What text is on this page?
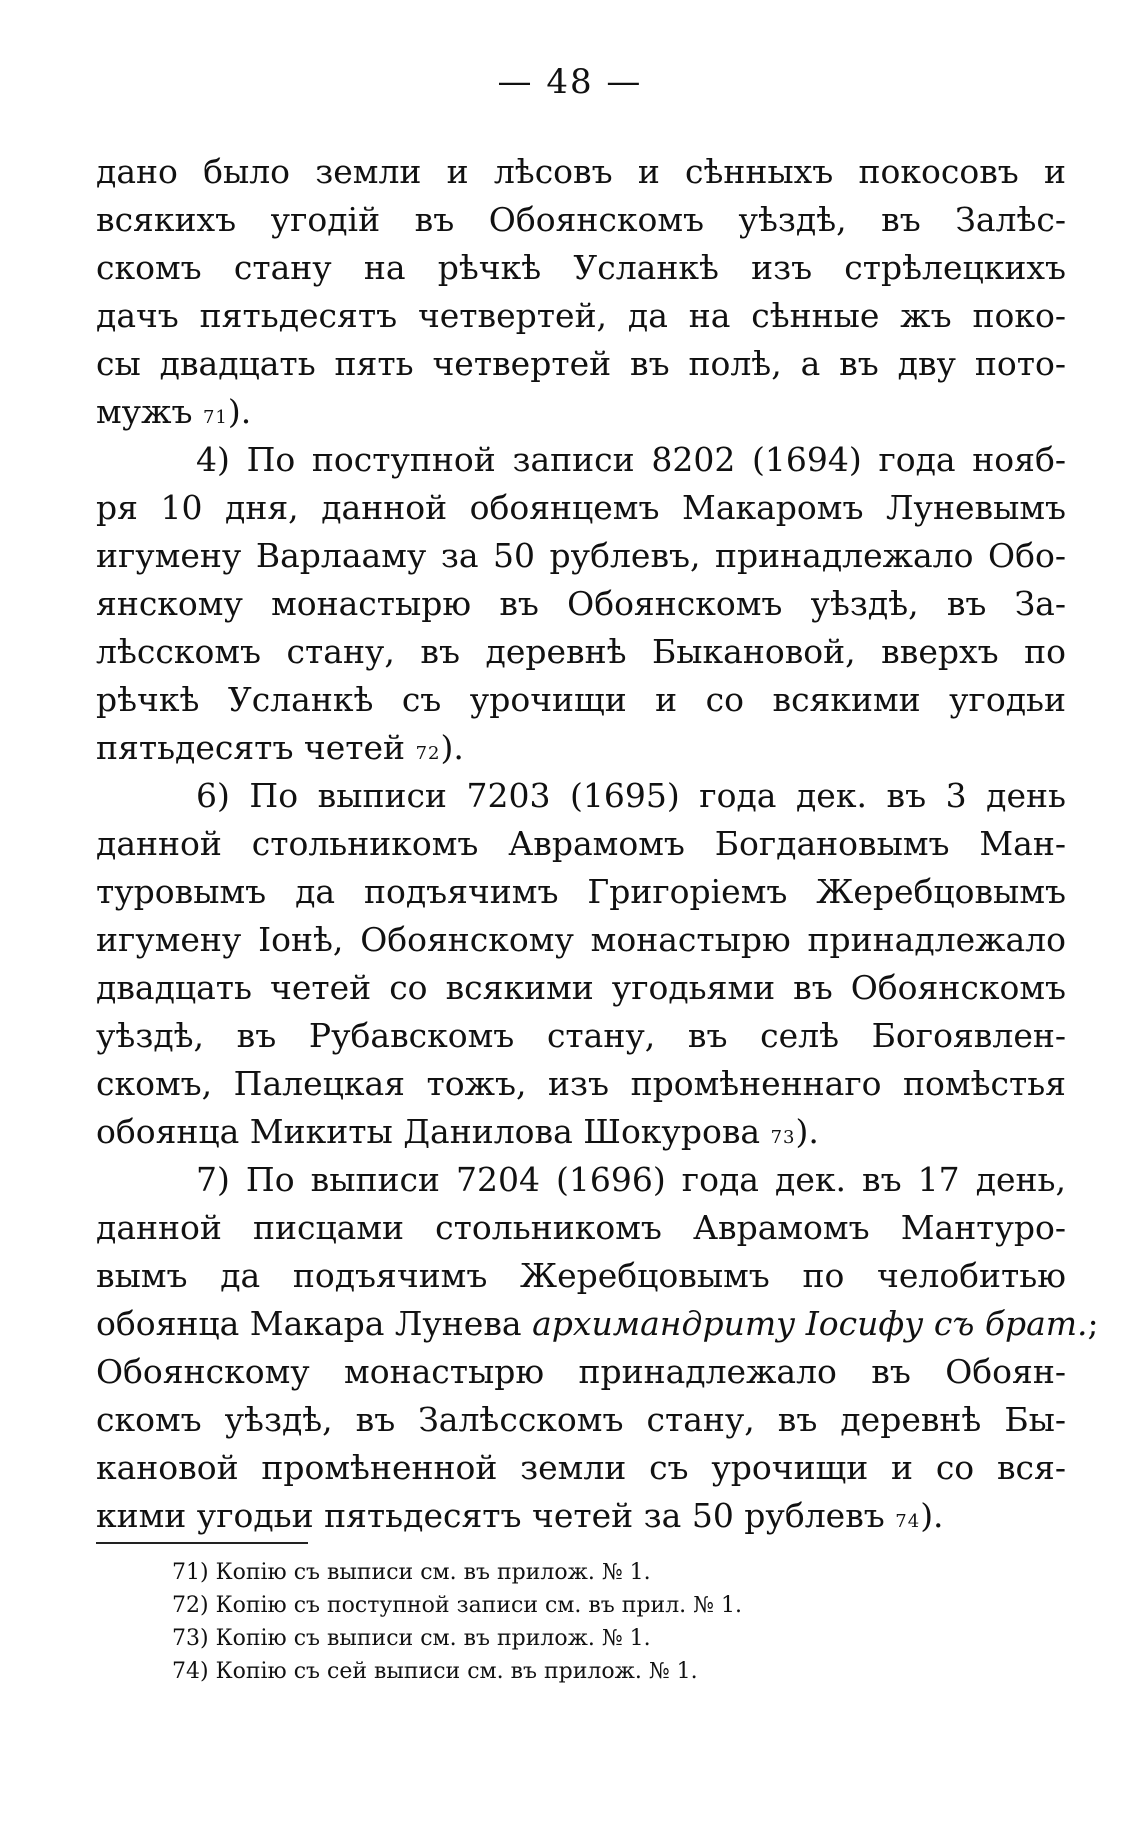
— 48 —
дано было земли и лѣсовъ и сѣнныхъ покосовъ и
всякихъ угодій въ Обоянскомъ уѣздѣ, въ Залѣс-
скомъ стану на рѣчкѣ Усланкѣ изъ стрѣлецкихъ
дачъ пятьдесятъ четвертей, да на сѣнные жъ поко-
сы двадцать пять четвертей въ полѣ, а въ дву пото-
мужъ 71).
4) По поступной записи 8202 (1694) года нояб-
ря 10 дня, данной обоянцемъ Макаромъ Луневымъ
игумену Варлааму за 50 рублевъ, принадлежало Обо-
янскому монастырю въ Обоянскомъ уѣздѣ, въ За-
лѣсскомъ стану, въ деревнѣ Быкановой, вверхъ по
рѣчкѣ Усланкѣ съ урочищи и со всякими угодьи
пятьдесятъ четей 72).
6) По выписи 7203 (1695) года дек. въ 3 день
данной стольникомъ Аврамомъ Богдановымъ Ман-
туровымъ да подъячимъ Григоріемъ Жеребцовымъ
игумену Іонѣ, Обоянскому монастырю принадлежало
двадцать четей со всякими угодьями въ Обоянскомъ
уѣздѣ, въ Рубавскомъ стану, въ селѣ Богоявлен-
скомъ, Палецкая тожъ, изъ промѣненнаго помѣстья
обоянца Микиты Данилова Шокурова 73).
7) По выписи 7204 (1696) года дек. въ 17 день,
данной писцами стольникомъ Аврамомъ Мантуро-
вымъ да подъячимъ Жеребцовымъ по челобитью
обоянца Макара Лунева архимандриту Іосифу съ брат.;
Обоянскому монастырю принадлежало въ Обоян-
скомъ уѣздѣ, въ Залѣсскомъ стану, въ деревнѣ Бы-
кановой промѣненной земли съ урочищи и со вся-
кими угодьи пятьдесятъ четей за 50 рублевъ 74).
71) Копію съ выписи см. въ прилож. № 1.
72) Копію съ поступной записи см. въ прил. № 1.
73) Копію съ выписи см. въ прилож. № 1.
74) Копію съ сей выписи см. въ прилож. № 1.
